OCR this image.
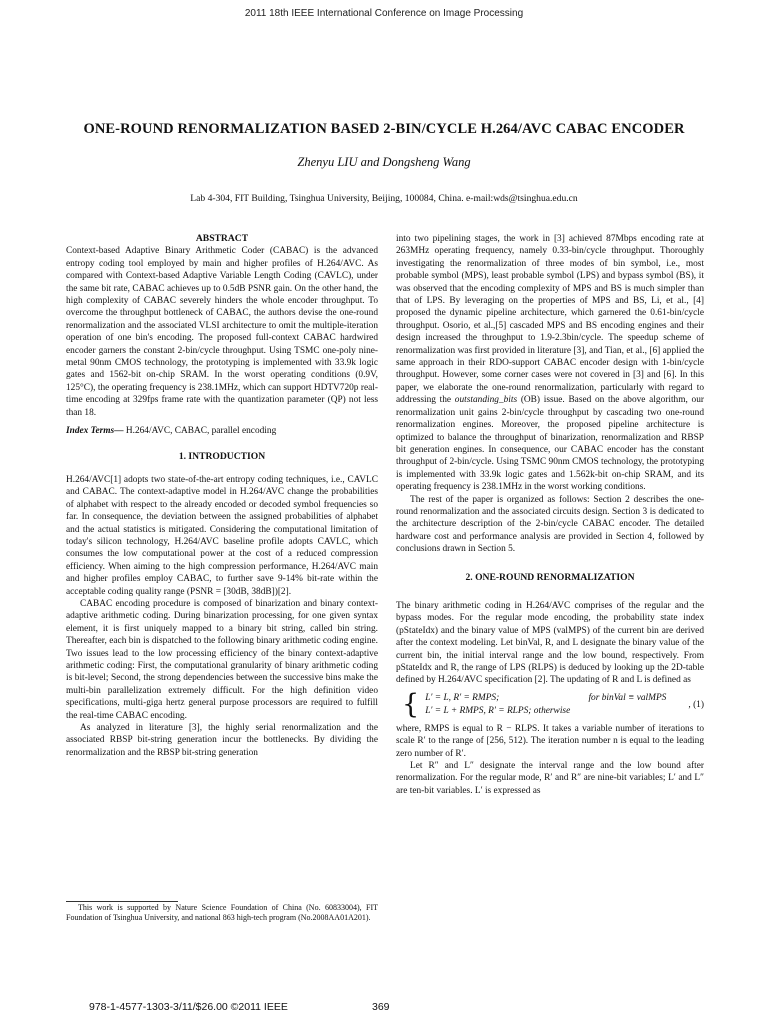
2011 18th IEEE International Conference on Image Processing
ONE-ROUND RENORMALIZATION BASED 2-BIN/CYCLE H.264/AVC CABAC ENCODER
Zhenyu LIU and Dongsheng Wang
Lab 4-304, FIT Building, Tsinghua University, Beijing, 100084, China. e-mail:wds@tsinghua.edu.cn

ABSTRACT

Context-based Adaptive Binary Arithmetic Coder (CABAC) is the advanced entropy coding tool employed by main and higher profiles of H.264/AVC. As compared with Context-based Adaptive Variable Length Coding (CAVLC), under the same bit rate, CABAC achieves up to 0.5dB PSNR gain. On the other hand, the high complexity of CABAC severely hinders the whole encoder throughput. To overcome the throughput bottleneck of CABAC, the authors devise the one-round renormalization and the associated VLSI architecture to omit the multiple-iteration operation of one bin's encoding. The proposed full-context CABAC hardwired encoder garners the constant 2-bin/cycle throughput. Using TSMC one-poly nine-metal 90nm CMOS technology, the prototyping is implemented with 33.9k logic gates and 1562-bit on-chip SRAM. In the worst operating conditions (0.9V, 125°C), the operating frequency is 238.1MHz, which can support HDTV720p real-time encoding at 329fps frame rate with the quantization parameter (QP) not less than 18.

Index Terms— H.264/AVC, CABAC, parallel encoding

1. INTRODUCTION

H.264/AVC[1] adopts two state-of-the-art entropy coding techniques, i.e., CAVLC and CABAC. The context-adaptive model in H.264/AVC change the probabilities of alphabet with respect to the already encoded or decoded symbol frequencies so far. In consequence, the deviation between the assigned probabilities of alphabet and the actual statistics is mitigated. Considering the computational limitation of today's silicon technology, H.264/AVC baseline profile adopts CAVLC, which consumes the low computational power at the cost of a reduced compression efficiency. When aiming to the high compression performance, H.264/AVC main and higher profiles employ CABAC, to further save 9-14% bit-rate within the acceptable coding quality range (PSNR = [30dB, 38dB])[2].

CABAC encoding procedure is composed of binarization and binary context-adaptive arithmetic coding. During binarization processing, for one given syntax element, it is first uniquely mapped to a binary bit string, called bin string. Thereafter, each bin is dispatched to the following binary arithmetic coding engine. Two issues lead to the low processing efficiency of the binary context-adaptive arithmetic coding: First, the computational granularity of binary arithmetic coding is bit-level; Second, the strong dependencies between the successive bins make the multi-bin parallelization extremely difficult. For the high definition video specifications, multi-giga hertz general purpose processors are required to fulfill the real-time CABAC encoding.

As analyzed in literature [3], the highly serial renormalization and the associated RBSP bit-string generation incur the bottlenecks. By dividing the renormalization and the RBSP bit-string generation

This work is supported by Nature Science Foundation of China (No. 60833004), FIT Foundation of Tsinghua University, and national 863 high-tech program (No.2008AA01A201).

into two pipelining stages, the work in [3] achieved 87Mbps encoding rate at 263MHz operating frequency, namely 0.33-bin/cycle throughput. Thoroughly investigating the renormalization of three modes of bin symbol, i.e., most probable symbol (MPS), least probable symbol (LPS) and bypass symbol (BS), it was observed that the encoding complexity of MPS and BS is much simpler than that of LPS. By leveraging on the properties of MPS and BS, Li, et al., [4] proposed the dynamic pipeline architecture, which garnered the 0.61-bin/cycle throughput. Osorio, et al.,[5] cascaded MPS and BS encoding engines and their design increased the throughput to 1.9-2.3bin/cycle. The speedup scheme of renormalization was first provided in literature [3], and Tian, et al., [6] applied the same approach in their RDO-support CABAC encoder design with 1-bin/cycle throughput. However, some corner cases were not covered in [3] and [6]. In this paper, we elaborate the one-round renormalization, particularly with regard to addressing the outstanding_bits (OB) issue. Based on the above algorithm, our renormalization unit gains 2-bin/cycle throughput by cascading two one-round renormalization engines. Moreover, the proposed pipeline architecture is optimized to balance the throughput of binarization, renormalization and RBSP bit generation engines. In consequence, our CABAC encoder has the constant throughput of 2-bin/cycle. Using TSMC 90nm CMOS technology, the prototyping is implemented with 33.9k logic gates and 1.562k-bit on-chip SRAM, and its operating frequency is 238.1MHz in the worst working conditions.

The rest of the paper is organized as follows: Section 2 describes the one-round renormalization and the associated circuits design. Section 3 is dedicated to the architecture description of the 2-bin/cycle CABAC encoder. The detailed hardware cost and performance analysis are provided in Section 4, followed by conclusions drawn in Section 5.

2. ONE-ROUND RENORMALIZATION

The binary arithmetic coding in H.264/AVC comprises of the regular and the bypass modes. For the regular mode encoding, the probability state index (pStateIdx) and the binary value of MPS (valMPS) of the current bin are derived after the context modeling. Let binVal, R, and L designate the binary value of the current bin, the initial interval range and the low bound, respectively. From pStateIdx and R, the range of LPS (RLPS) is deduced by looking up the 2D-table defined by H.264/AVC specification [2]. The updating of R and L is defined as

{ L′ = L, R′ = RMPS;	for binVal ≡ valMPS
L′ = L + RMPS, R′ = RLPS; otherwise
, (1)

where, RMPS is equal to R − RLPS. It takes a variable number of iterations to scale R′ to the range of [256, 512). The iteration number n is equal to the leading zero number of R′.

Let R″ and L″ designate the interval range and the low bound after renormalization. For the regular mode, R′ and R″ are nine-bit variables; L′ and L″ are ten-bit variables. L′ is expressed as

978-1-4577-1303-3/11/$26.00 ©2011 IEEE	369
